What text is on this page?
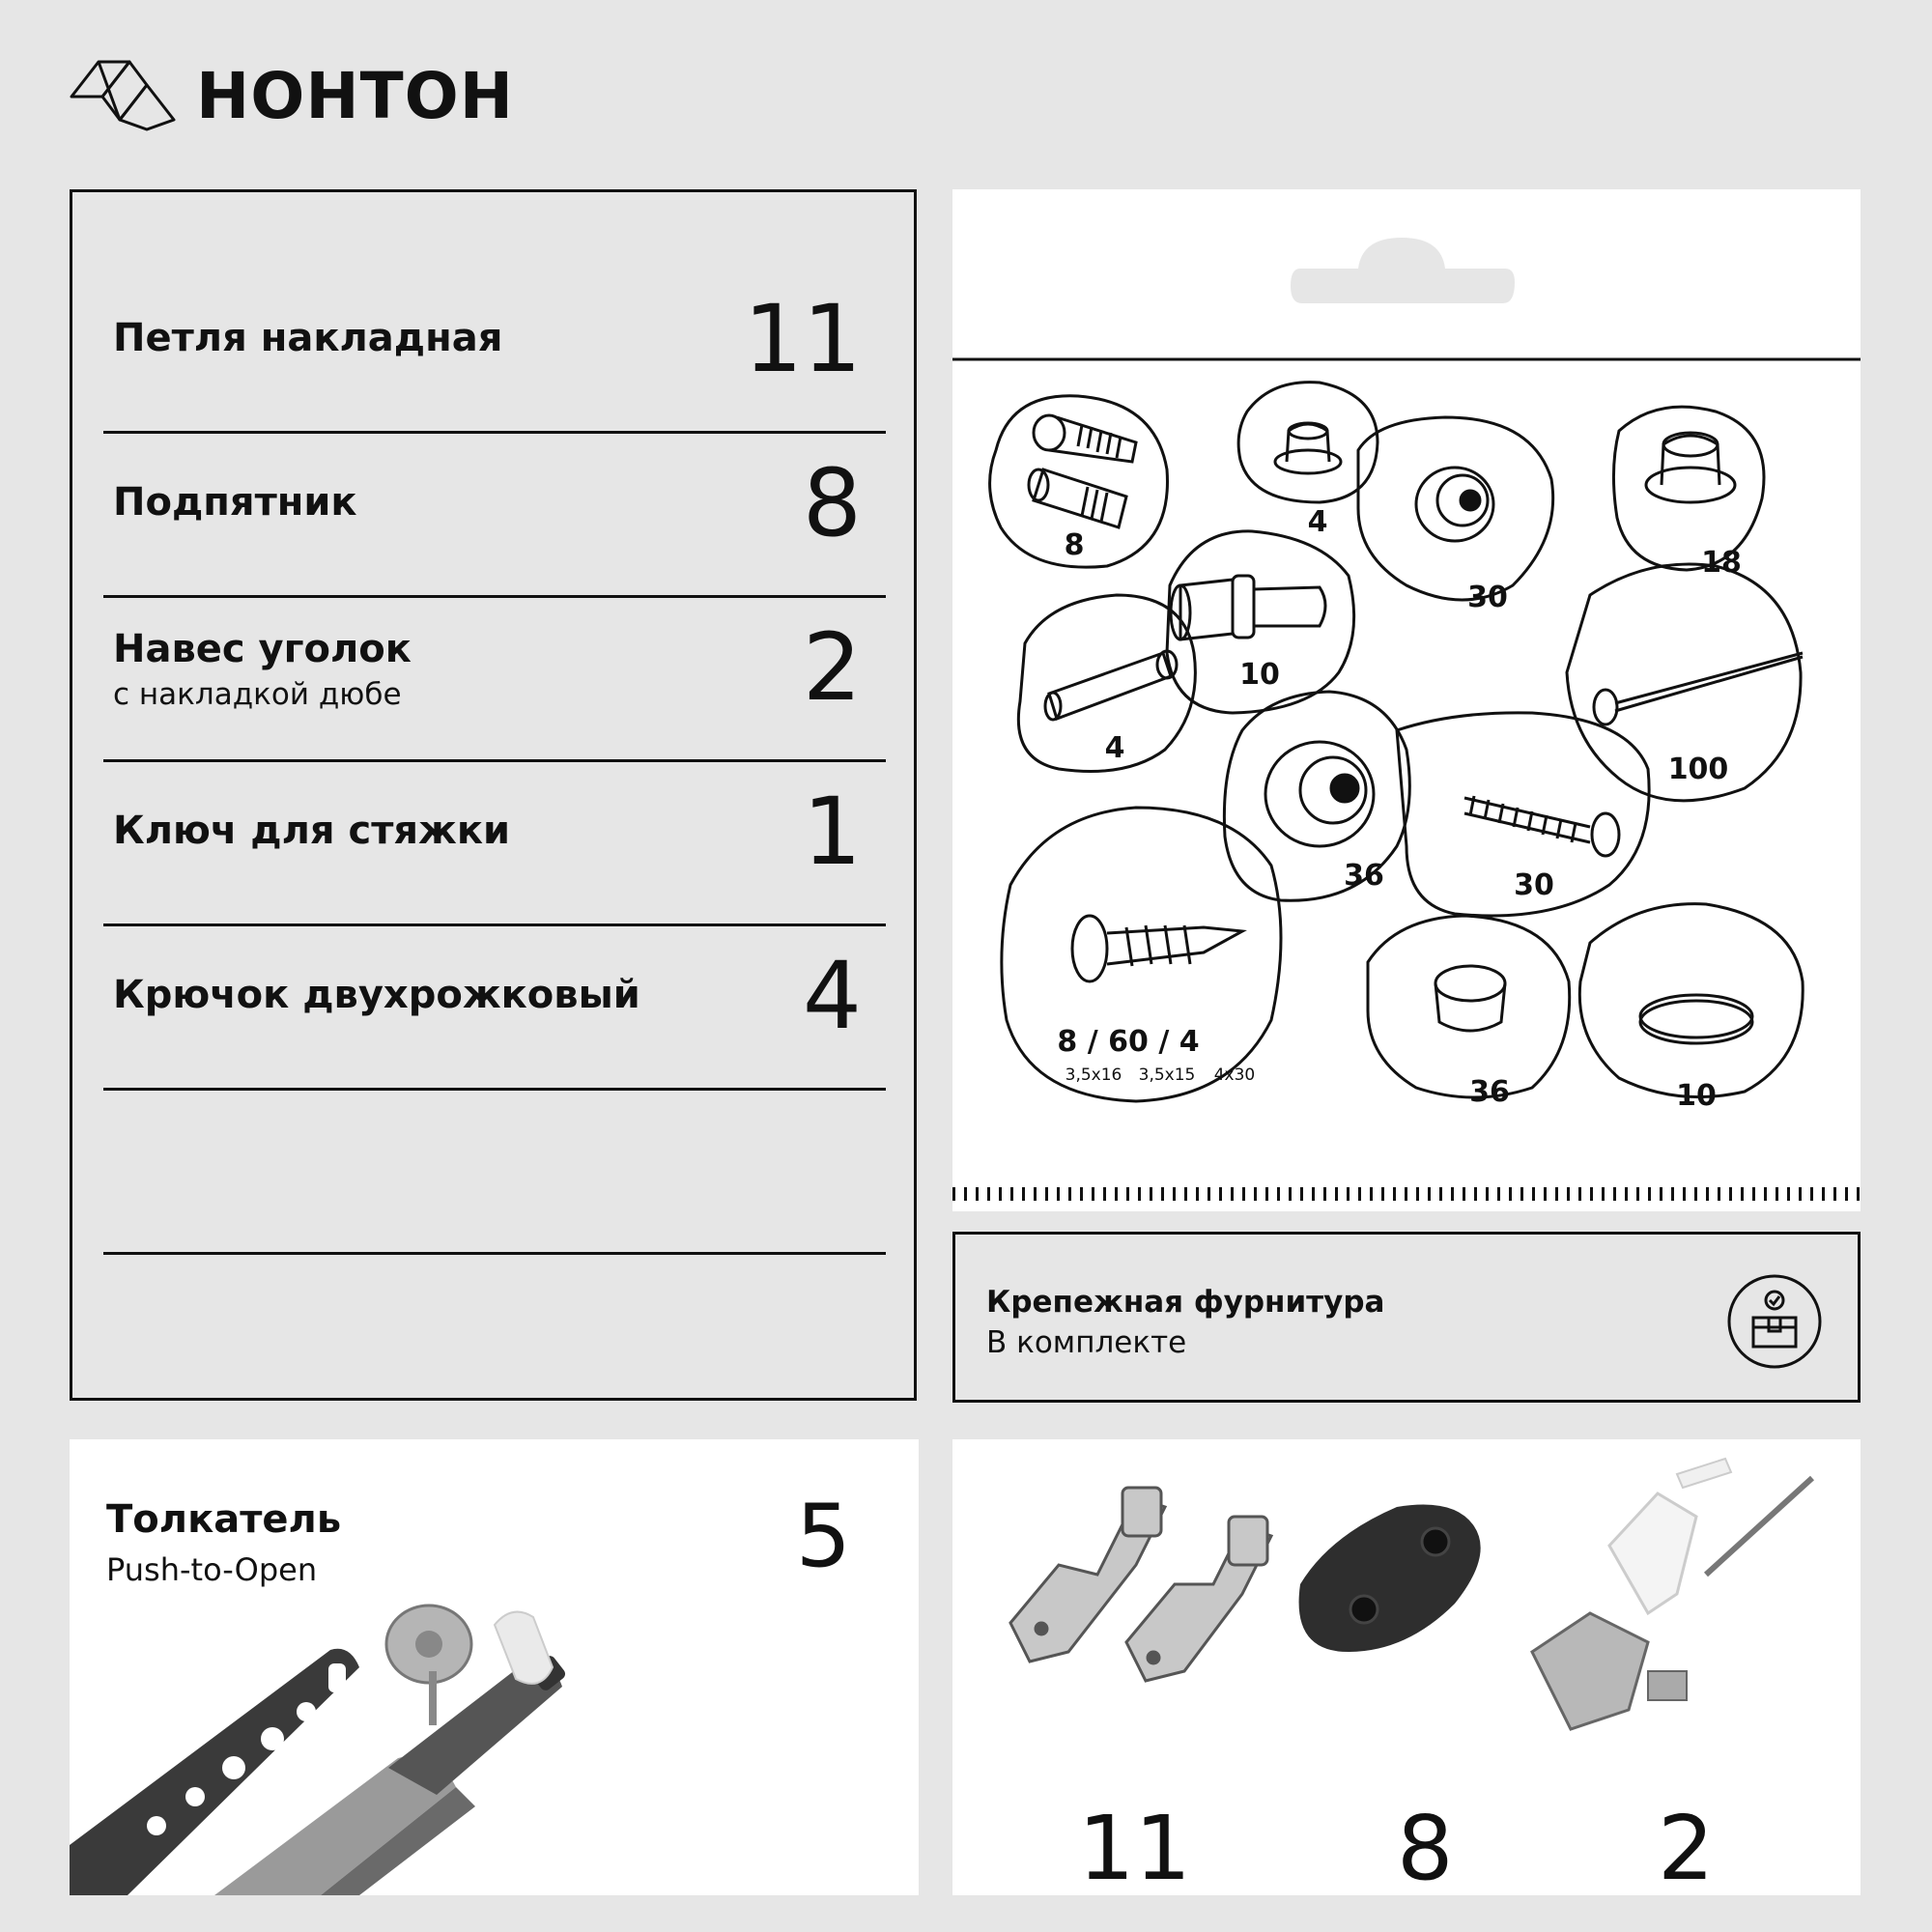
НОНТОН
Петля накладная	11
Подпятник	8
Навес уголок
с накладкой дюбе	2
Ключ для стяжки	1
Крючок двухрожковый 4
8
4
30
18
10
4
100
36	30
8 / 60 / 4
3,5x16 3,5x15 4x30	36	10
Крепежная фурнитура
В комплекте
Толкатель
Push-to-Open	5
11 8 2
